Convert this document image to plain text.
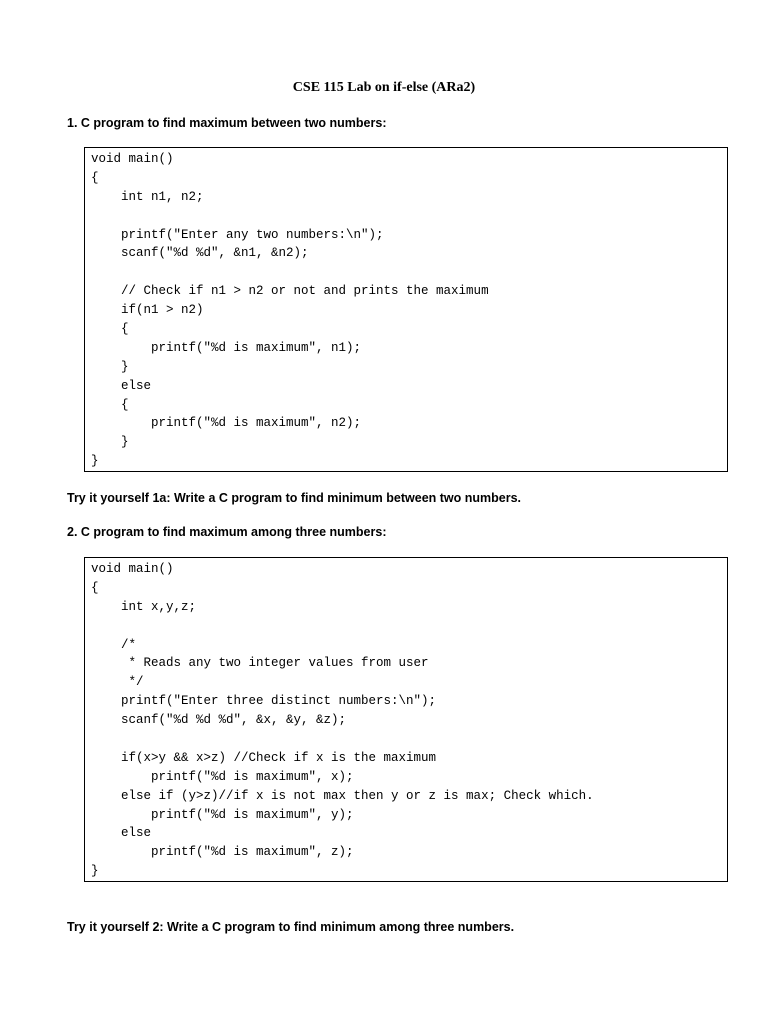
CSE 115 Lab on if-else (ARa2)
1. C program to find maximum between two numbers:
void main()
{
int n1, n2;
printf("Enter any two numbers:\n");
scanf("%d %d", &n1, &n2);
// Check if n1 > n2 or not and prints the maximum
if(n1 > n2)
{
printf("%d is maximum", n1);
}
else
{
printf("%d is maximum", n2);
}
}
Try it yourself 1a: Write a C program to find minimum between two numbers.
2. C program to find maximum among three numbers:
void main()
{
int x,y,z;
/*
* Reads any two integer values from user
*/
printf("Enter three distinct numbers:\n");
scanf("%d %d %d", &x, &y, &z);
if(x>y && x>z) //Check if x is the maximum
printf("%d is maximum", x);
else if (y>z)//if x is not max then y or z is max; Check which.
printf("%d is maximum", y);
else
printf("%d is maximum", z);
}
Try it yourself 2: Write a C program to find minimum among three numbers.
